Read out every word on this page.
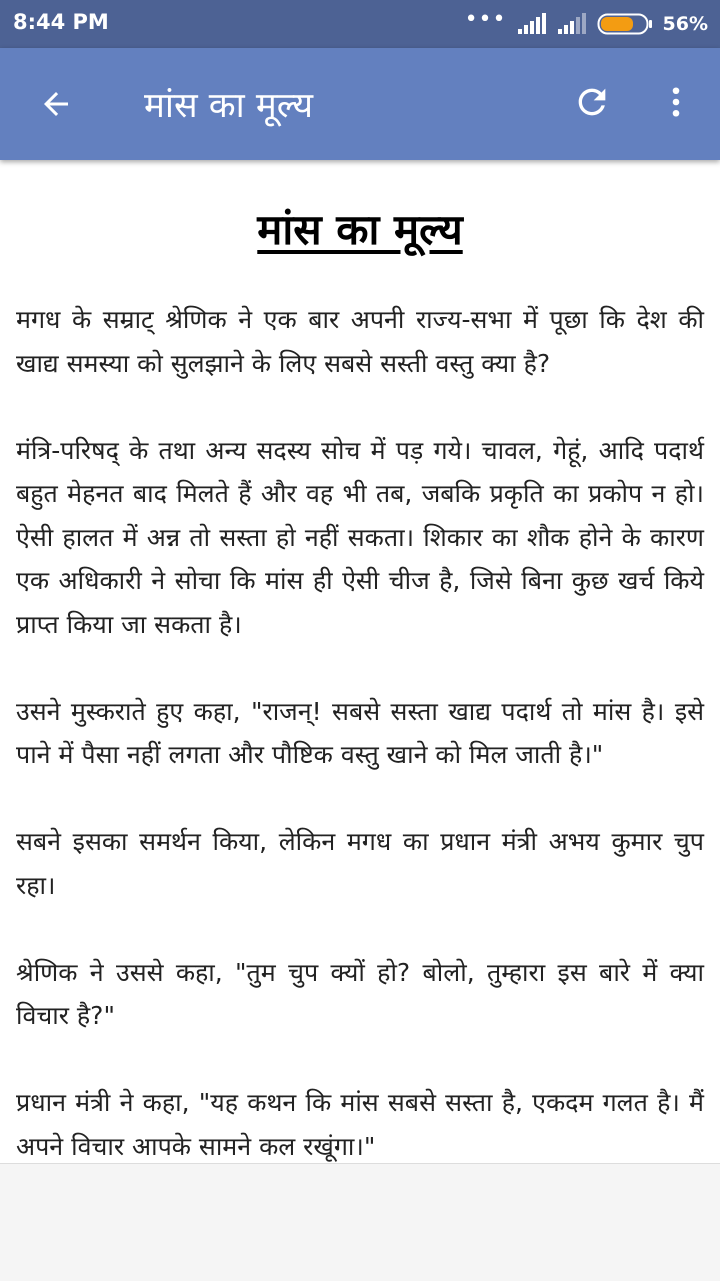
8:44 PM	•••	56%
मांस का मूल्य
मांस का मूल्य

मगध के सम्राट् श्रेणिक ने एक बार अपनी राज्य-सभा में पूछा कि देश की खाद्य समस्या को सुलझाने के लिए सबसे सस्ती वस्तु क्या है?

मंत्रि-परिषद् के तथा अन्य सदस्य सोच में पड़ गये। चावल, गेहूं, आदि पदार्थ बहुत मेहनत बाद मिलते हैं और वह भी तब, जबकि प्रकृति का प्रकोप न हो। ऐसी हालत में अन्न तो सस्ता हो नहीं सकता। शिकार का शौक होने के कारण एक अधिकारी ने सोचा कि मांस ही ऐसी चीज है, जिसे बिना कुछ खर्च किये प्राप्त किया जा सकता है।

उसने मुस्कराते हुए कहा, "राजन्! सबसे सस्ता खाद्य पदार्थ तो मांस है। इसे पाने में पैसा नहीं लगता और पौष्टिक वस्तु खाने को मिल जाती है।"

सबने इसका समर्थन किया, लेकिन मगध का प्रधान मंत्री अभय कुमार चुप रहा।

श्रेणिक ने उससे कहा, "तुम चुप क्यों हो? बोलो, तुम्हारा इस बारे में क्या विचार है?"

प्रधान मंत्री ने कहा, "यह कथन कि मांस सबसे सस्ता है, एकदम गलत है। मैं अपने विचार आपके सामने कल रखूंगा।"
